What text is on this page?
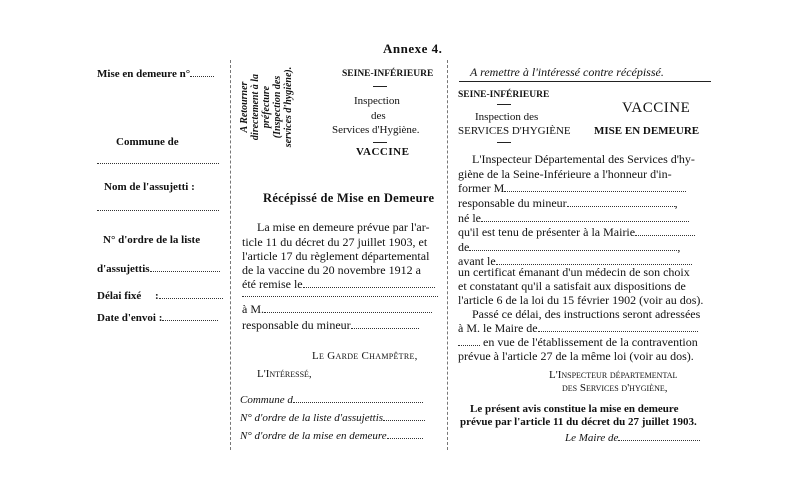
Annexe 4.
Mise en demeure n°
Commune de
Nom de l'assujetti :
N° d'ordre de la liste
d'assujettis
Délai fixé     :
Date d'envoi :
A Retourner directement à la préfecture (Inspection des services d'hygiène).	SEINE-INFÉRIEURE
Inspection
des
Services d'Hygiène.
VACCINE
Récépissé de Mise en Demeure
La mise en demeure prévue par l'ar-
ticle 11 du décret du 27 juillet 1903, et
l'article 17 du règlement départemental
de la vaccine du 20 novembre 1912 a
été remise le
à M.
responsable du mineur
Le Garde Champêtre,
L'Intéressé,
Commune d
N° d'ordre de la liste d'assujettis
N° d'ordre de la mise en demeure
A remettre à l'intéressé contre récépissé.
SEINE-INFÉRIEURE
Inspection des
SERVICES D'HYGIÈNE
VACCINE
MISE EN DEMEURE
L'Inspecteur Départemental des Services d'hy-
giène de la Seine-Inférieure a l'honneur d'in-
former M
responsable du mineur	,
né le
qu'il est tenu de présenter à la Mairie
de	,
avant le
un certificat émanant d'un médecin de son choix
et constatant qu'il a satisfait aux dispositions de
l'article 6 de la loi du 15 février 1902 (voir au dos).
Passé ce délai, des instructions seront adressées
à M. le Maire de
en vue de l'établissement de la contravention
prévue à l'article 27 de la même loi (voir au dos).
L'Inspecteur départemental
des Services d'hygiène,
Le présent avis constitue la mise en demeure
prévue par l'article 11 du décret du 27 juillet 1903.
Le Maire de
